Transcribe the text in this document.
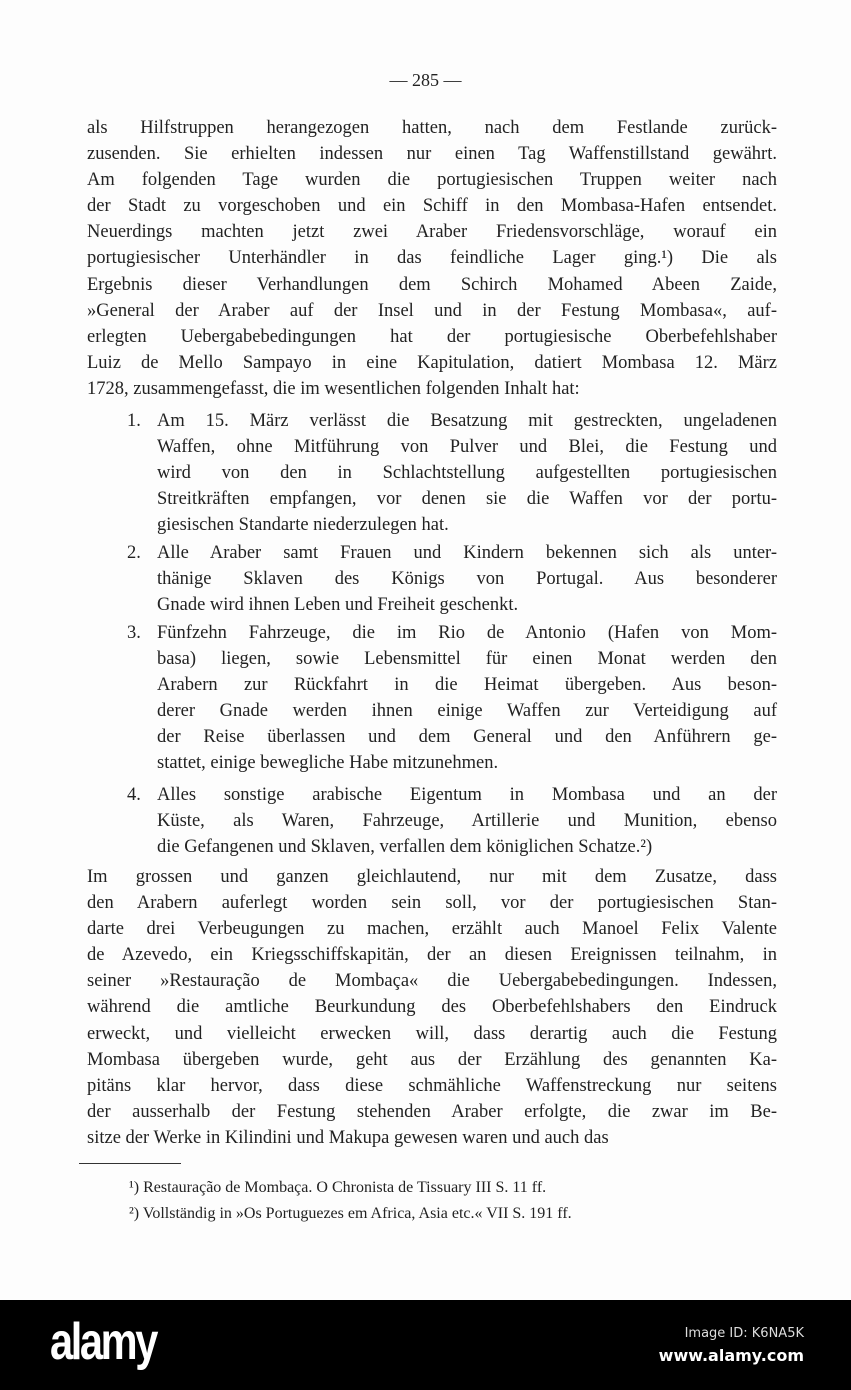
— 285 —
als Hilfstruppen herangezogen hatten, nach dem Festlande zurück-
zusenden. Sie erhielten indessen nur einen Tag Waffenstillstand gewährt.
Am folgenden Tage wurden die portugiesischen Truppen weiter nach
der Stadt zu vorgeschoben und ein Schiff in den Mombasa-Hafen entsendet.
Neuerdings machten jetzt zwei Araber Friedensvorschläge, worauf ein
portugiesischer Unterhändler in das feindliche Lager ging.¹) Die als
Ergebnis dieser Verhandlungen dem Schirch Mohamed Abeen Zaide,
»General der Araber auf der Insel und in der Festung Mombasa«, auf-
erlegten Uebergabebedingungen hat der portugiesische Oberbefehlshaber
Luiz de Mello Sampayo in eine Kapitulation, datiert Mombasa 12. März
1728, zusammengefasst, die im wesentlichen folgenden Inhalt hat:
1. Am 15. März verlässt die Besatzung mit gestreckten, ungeladenen
Waffen, ohne Mitführung von Pulver und Blei, die Festung und
wird von den in Schlachtstellung aufgestellten portugiesischen
Streitkräften empfangen, vor denen sie die Waffen vor der portu-
giesischen Standarte niederzulegen hat.
2. Alle Araber samt Frauen und Kindern bekennen sich als unter-
thänige Sklaven des Königs von Portugal. Aus besonderer
Gnade wird ihnen Leben und Freiheit geschenkt.
3. Fünfzehn Fahrzeuge, die im Rio de Antonio (Hafen von Mom-
basa) liegen, sowie Lebensmittel für einen Monat werden den
Arabern zur Rückfahrt in die Heimat übergeben. Aus beson-
derer Gnade werden ihnen einige Waffen zur Verteidigung auf
der Reise überlassen und dem General und den Anführern ge-
stattet, einige bewegliche Habe mitzunehmen.
4. Alles sonstige arabische Eigentum in Mombasa und an der
Küste, als Waren, Fahrzeuge, Artillerie und Munition, ebenso
die Gefangenen und Sklaven, verfallen dem königlichen Schatze.²)
Im grossen und ganzen gleichlautend, nur mit dem Zusatze, dass
den Arabern auferlegt worden sein soll, vor der portugiesischen Stan-
darte drei Verbeugungen zu machen, erzählt auch Manoel Felix Valente
de Azevedo, ein Kriegsschiffskapitän, der an diesen Ereignissen teilnahm, in
seiner »Restauração de Mombaça« die Uebergabebedingungen. Indessen,
während die amtliche Beurkundung des Oberbefehlshabers den Eindruck
erweckt, und vielleicht erwecken will, dass derartig auch die Festung
Mombasa übergeben wurde, geht aus der Erzählung des genannten Ka-
pitäns klar hervor, dass diese schmähliche Waffenstreckung nur seitens
der ausserhalb der Festung stehenden Araber erfolgte, die zwar im Be-
sitze der Werke in Kilindini und Makupa gewesen waren und auch das
¹) Restauração de Mombaça. O Chronista de Tissuary III S. 11 ff.
²) Vollständig in »Os Portuguezes em Africa, Asia etc.« VII S. 191 ff.
alamy	Image ID: K6NA5K
www.alamy.com
